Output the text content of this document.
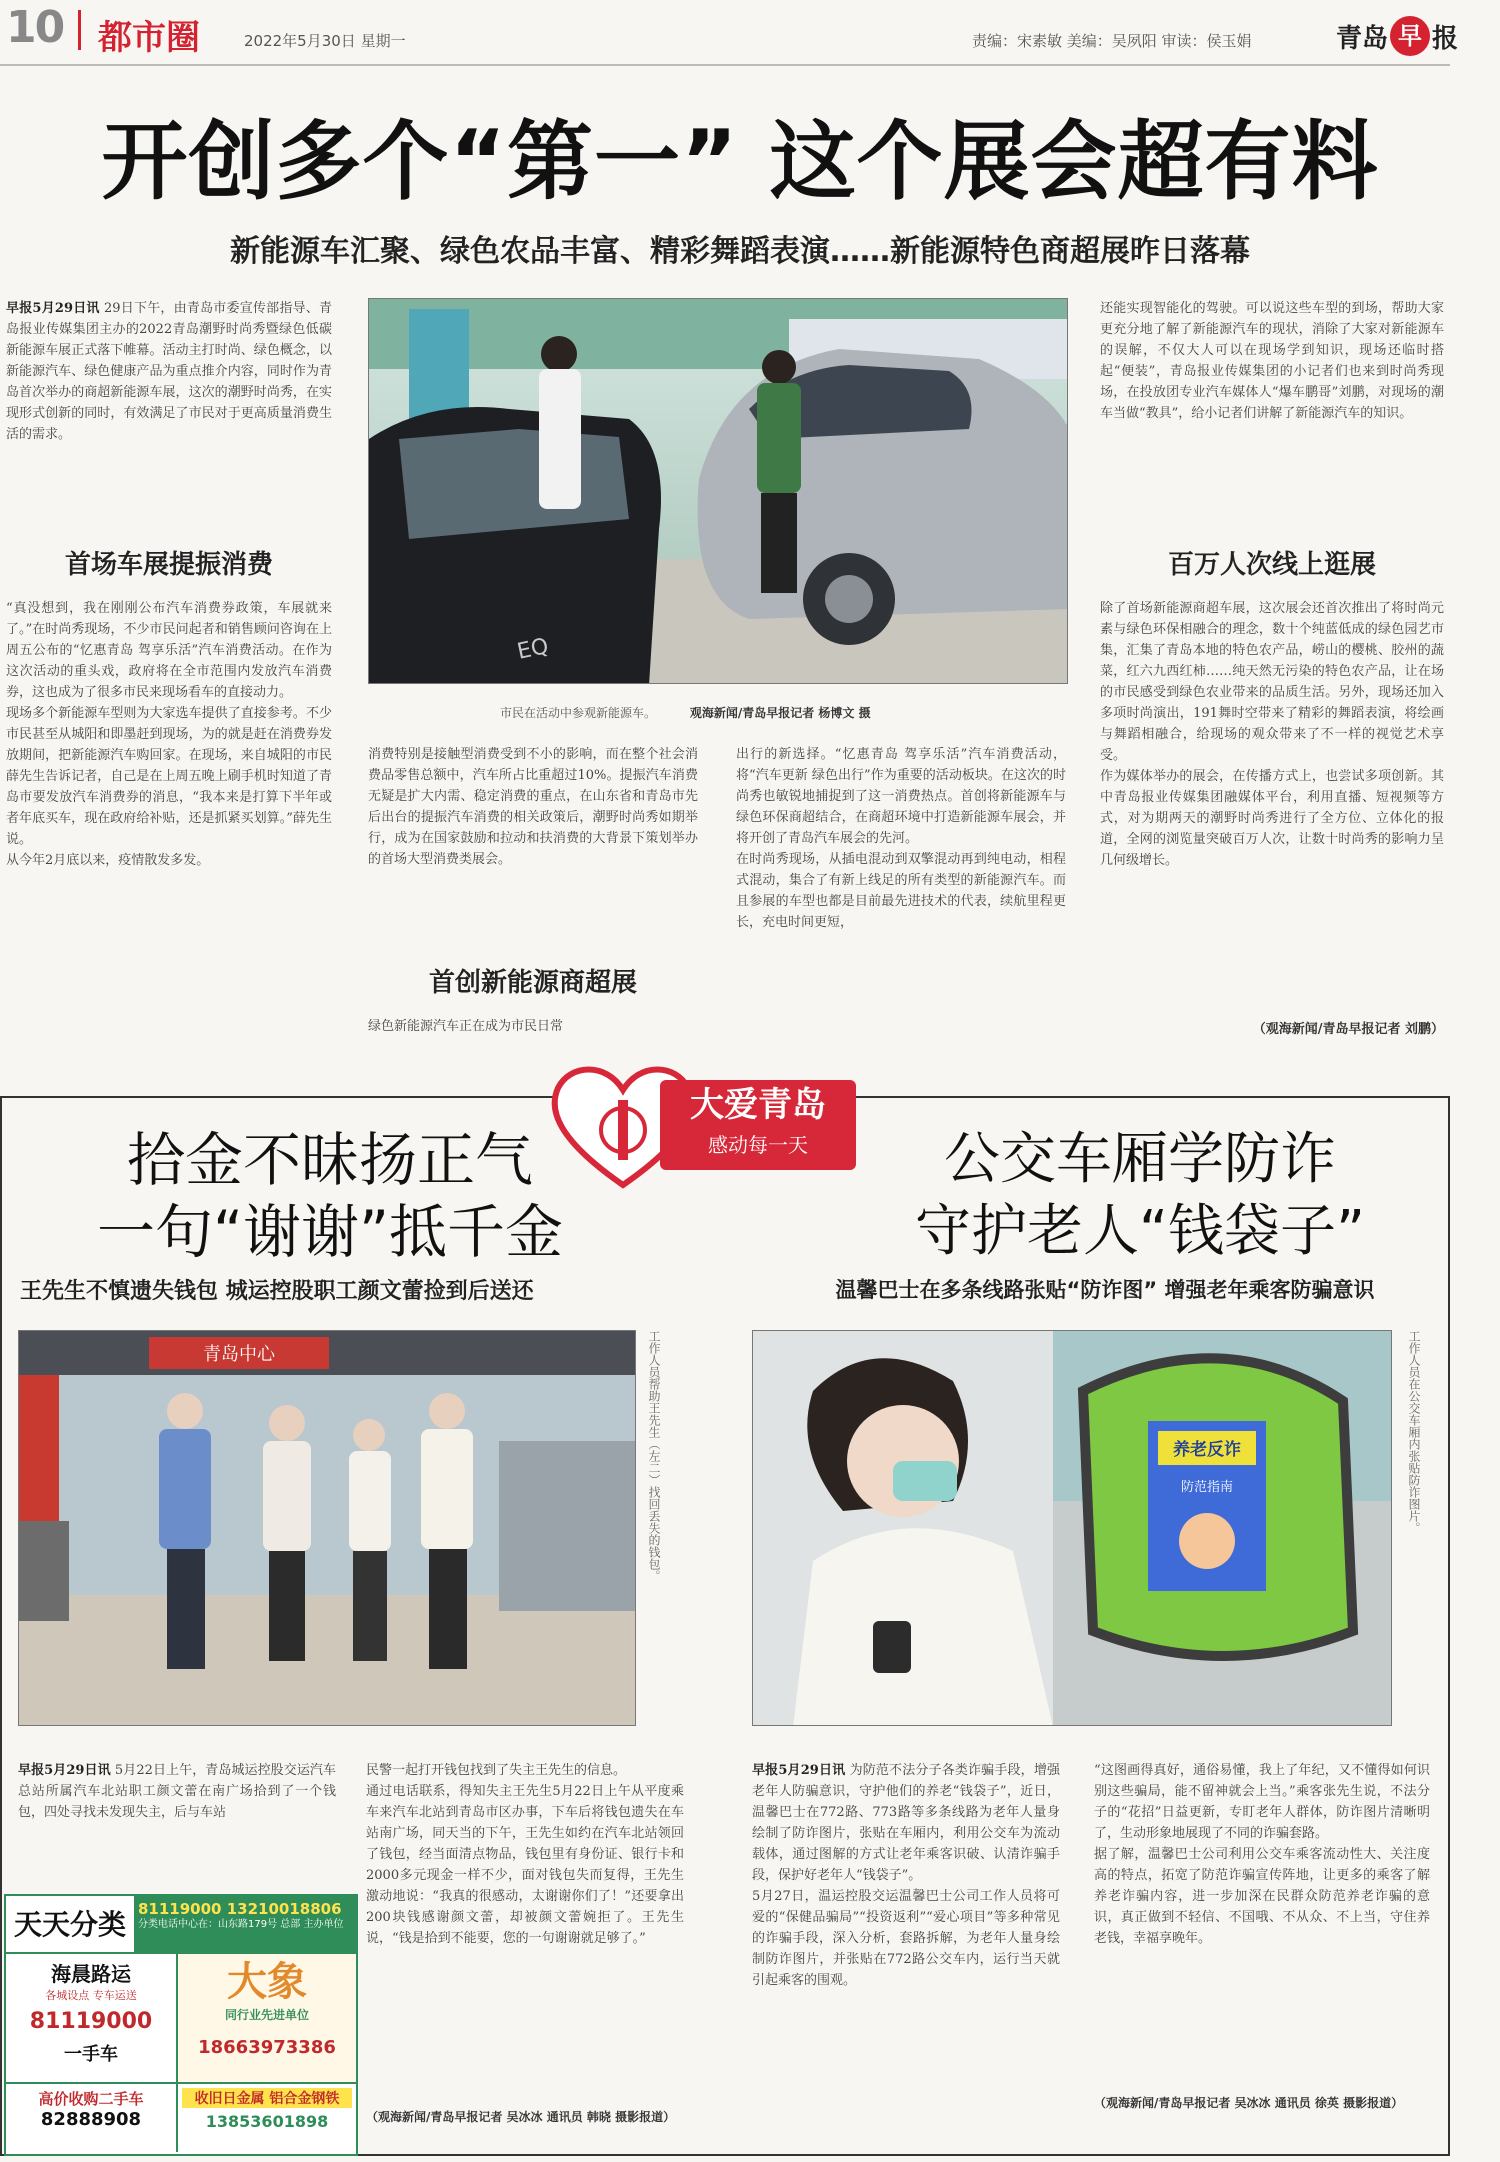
10 都市圈	2022年5月30日 星期一	责编：宋素敏 美编：吴夙阳 审读：侯玉娟	青岛 早 报
开创多个“第一” 这个展会超有料
新能源车汇聚、绿色农品丰富、精彩舞蹈表演……新能源特色商超展昨日落幕
早报5月29日讯 29日下午，由青岛市委宣传部指导、青岛报业传媒集团主办的2022青岛潮野时尚秀暨绿色低碳新能源车展正式落下帷幕。活动主打时尚、绿色概念，以新能源汽车、绿色健康产品为重点推介内容，同时作为青岛首次举办的商超新能源车展，这次的潮野时尚秀，在实现形式创新的同时，有效满足了市民对于更高质量消费生活的需求。
首场车展提振消费

“真没想到，我在刚刚公布汽车消费券政策，车展就来了。”在时尚秀现场，不少市民问起者和销售顾问咨询在上周五公布的“忆惠青岛 驾享乐活”汽车消费活动。在作为这次活动的重头戏，政府将在全市范围内发放汽车消费券，这也成为了很多市民来现场看车的直接动力。

现场多个新能源车型则为大家选车提供了直接参考。不少市民甚至从城阳和即墨赶到现场，为的就是赶在消费券发放期间，把新能源汽车购回家。在现场，来自城阳的市民薛先生告诉记者，自己是在上周五晚上刷手机时知道了青岛市要发放汽车消费券的消息，“我本来是打算下半年或者年底买车，现在政府给补贴，还是抓紧买划算。”薛先生说。

从今年2月底以来，疫情散发多发。

EQ
市民在活动中参观新能源车。	观海新闻/青岛早报记者 杨博文 摄
消费特别是接触型消费受到不小的影响，而在整个社会消费品零售总额中，汽车所占比重超过10%。提振汽车消费无疑是扩大内需、稳定消费的重点，在山东省和青岛市先后出台的提振汽车消费的相关政策后，潮野时尚秀如期举行，成为在国家鼓励和拉动和扶消费的大背景下策划举办的首场大型消费类展会。
首创新能源商超展
绿色新能源汽车正在成为市民日常

出行的新选择。“忆惠青岛 驾享乐活”汽车消费活动，将“汽车更新 绿色出行”作为重要的活动板块。在这次的时尚秀也敏锐地捕捉到了这一消费热点。首创将新能源车与绿色环保商超结合，在商超环境中打造新能源车展会，并将开创了青岛汽车展会的先河。

在时尚秀现场，从插电混动到双擎混动再到纯电动，相程式混动，集合了有新上线足的所有类型的新能源汽车。而且参展的车型也都是目前最先进技术的代表，续航里程更长，充电时间更短，

还能实现智能化的驾驶。可以说这些车型的到场，帮助大家更充分地了解了新能源汽车的现状，消除了大家对新能源车的误解，不仅大人可以在现场学到知识，现场还临时搭起“便装”，青岛报业传媒集团的小记者们也来到时尚秀现场，在投放团专业汽车媒体人“爆车鹏哥”刘鹏，对现场的潮车当做“教具”，给小记者们讲解了新能源汽车的知识。
百万人次线上逛展

除了首场新能源商超车展，这次展会还首次推出了将时尚元素与绿色环保相融合的理念，数十个纯蓝低成的绿色园艺市集，汇集了青岛本地的特色农产品，崂山的樱桃、胶州的蔬菜，红六九西红柿……纯天然无污染的特色农产品，让在场的市民感受到绿色农业带来的品质生活。另外，现场还加入多项时尚演出，191舞时空带来了精彩的舞蹈表演，将绘画与舞蹈相融合，给现场的观众带来了不一样的视觉艺术享受。

作为媒体举办的展会，在传播方式上，也尝试多项创新。其中青岛报业传媒集团融媒体平台，利用直播、短视频等方式，对为期两天的潮野时尚秀进行了全方位、立体化的报道，全网的浏览量突破百万人次，让数十时尚秀的影响力呈几何级增长。

（观海新闻/青岛早报记者 刘鹏）
大爱青岛
感动每一天
拾金不昧扬正气
一句“谢谢”抵千金
王先生不慎遗失钱包 城运控股职工颜文蕾捡到后送还
青岛中心	工作人员帮助王先生（左二）找回丢失的钱包。
早报5月29日讯 5月22日上午，青岛城运控股交运汽车总站所属汽车北站职工颜文蕾在南广场拾到了一个钱包，四处寻找未发现失主，后与车站

民警一起打开钱包找到了失主王先生的信息。

通过电话联系，得知失主王先生5月22日上午从平度乘车来汽车北站到青岛市区办事，下车后将钱包遗失在车站南广场，同天当的下午，王先生如约在汽车北站领回了钱包，经当面清点物品，钱包里有身份证、银行卡和2000多元现金一样不少，面对钱包失而复得，王先生激动地说：“我真的很感动，太谢谢你们了！”还要拿出200块钱感谢颜文蕾，却被颜文蕾婉拒了。王先生说，“钱是拾到不能要，您的一句谢谢就足够了。”

（观海新闻/青岛早报记者 吴冰冰 通讯员 韩晓 摄影报道）
天天分类 81119000 13210018806
分类电话中心在：山东路179号 总部 主办单位
海晨路运
各城设点 专车运送
81119000
一手车
大象
同行业先进单位
18663973386
高价收购二手车
82888908
收旧日金属 铝合金钢铁
13853601898
公交车厢学防诈
守护老人“钱袋子”
温馨巴士在多条线路张贴“防诈图” 增强老年乘客防骗意识
养老反诈
防范指南	工作人员在公交车厢内张贴防诈图片。

早报5月29日讯 为防范不法分子各类诈骗手段，增强老年人防骗意识，守护他们的养老“钱袋子”，近日，温馨巴士在772路、773路等多条线路为老年人量身绘制了防诈图片，张贴在车厢内，利用公交车为流动载体，通过图解的方式让老年乘客识破、认清诈骗手段，保护好老年人“钱袋子”。

5月27日，温运控股交运温馨巴士公司工作人员将可爱的“保健品骗局”“投资返利”“爱心项目”等多种常见的诈骗手段，深入分析，套路拆解，为老年人量身绘制防诈图片，并张贴在772路公交车内，运行当天就引起乘客的围观。

“这图画得真好，通俗易懂，我上了年纪，又不懂得如何识别这些骗局，能不留神就会上当。”乘客张先生说，不法分子的“花招”日益更新，专盯老年人群体，防诈图片清晰明了，生动形象地展现了不同的诈骗套路。

据了解，温馨巴士公司利用公交车乘客流动性大、关注度高的特点，拓宽了防范诈骗宣传阵地，让更多的乘客了解养老诈骗内容，进一步加深在民群众防范养老诈骗的意识，真正做到不轻信、不国哦、不从众、不上当，守住养老钱，幸福享晚年。

（观海新闻/青岛早报记者 吴冰冰 通讯员 徐英 摄影报道）
